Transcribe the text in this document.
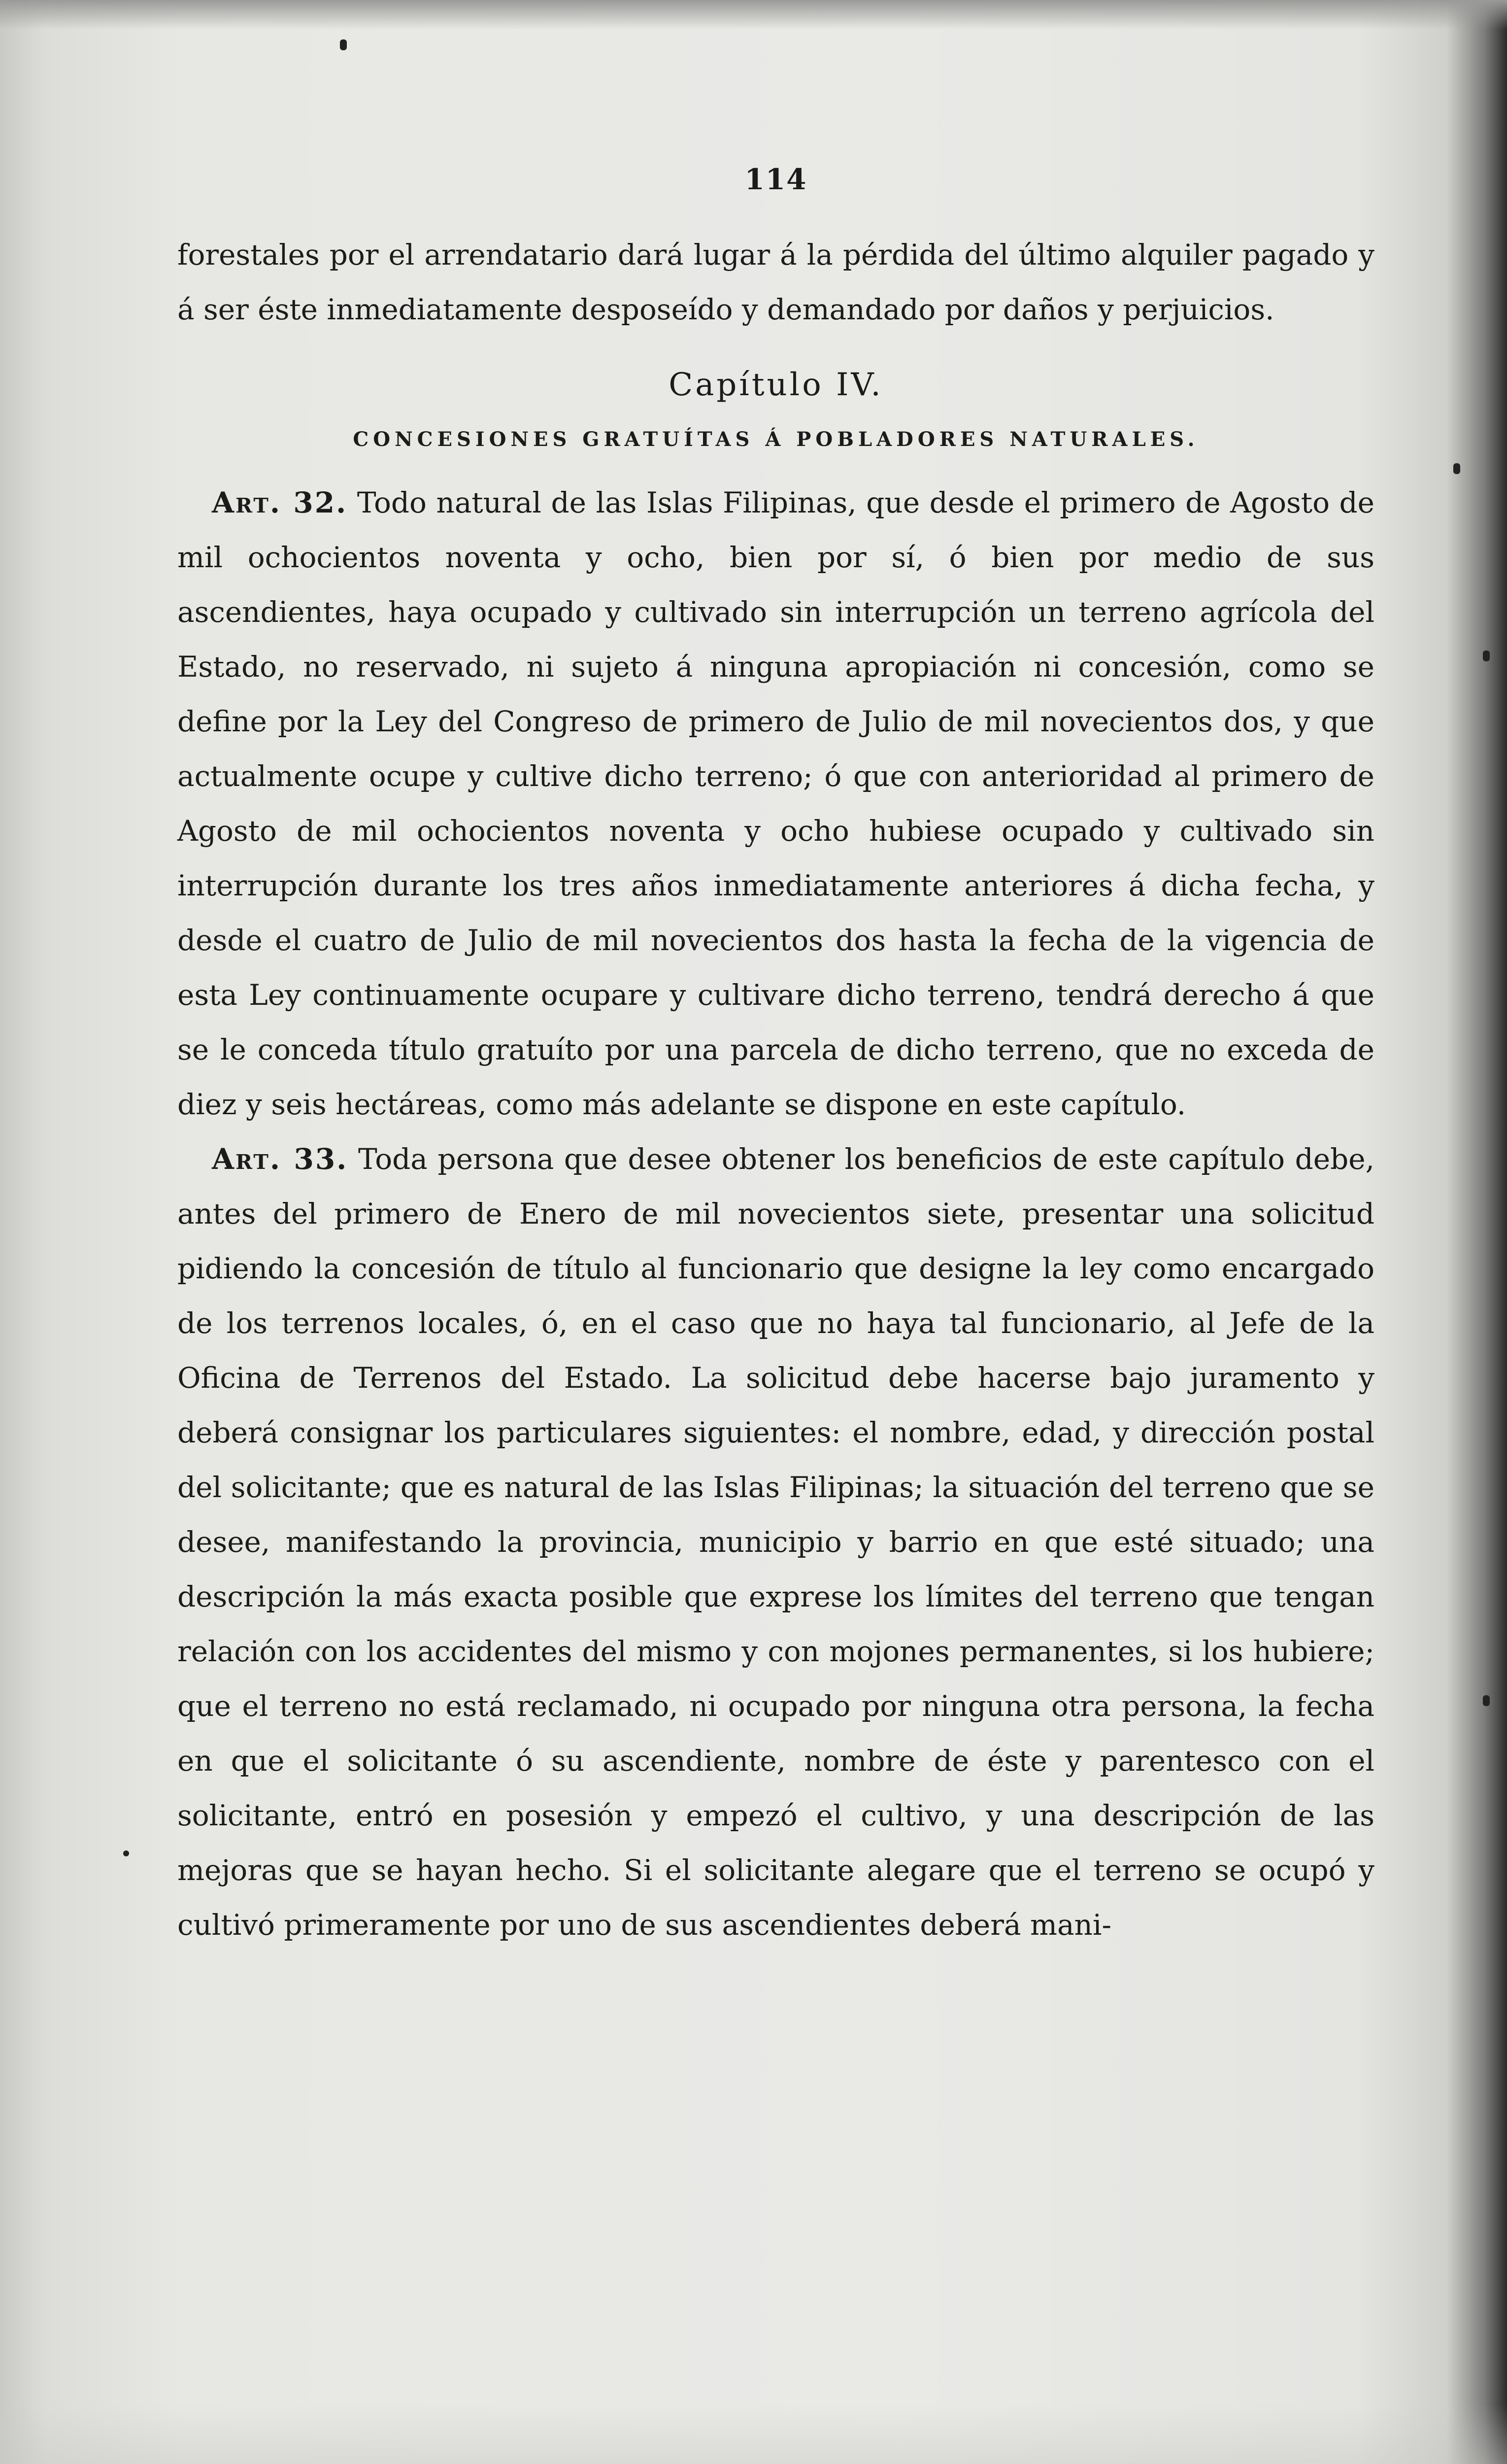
114

forestales por el arrendatario dará lugar á la pérdida del último alquiler pagado y á ser éste inmediatamente desposeído y demandado por daños y perjuicios.

Capítulo IV.
CONCESIONES GRATUÍTAS Á POBLADORES NATURALES.

Art. 32. Todo natural de las Islas Filipinas, que desde el primero de Agosto de mil ochocientos noventa y ocho, bien por sí, ó bien por medio de sus ascendientes, haya ocupado y cultivado sin interrupción un terreno agrícola del Estado, no reservado, ni sujeto á ninguna apropiación ni concesión, como se define por la Ley del Congreso de primero de Julio de mil novecientos dos, y que actualmente ocupe y cultive dicho terreno; ó que con anterioridad al primero de Agosto de mil ochocientos noventa y ocho hubiese ocupado y cultivado sin interrupción durante los tres años inmediatamente anteriores á dicha fecha, y desde el cuatro de Julio de mil novecientos dos hasta la fecha de la vigencia de esta Ley continuamente ocupare y cultivare dicho terreno, tendrá derecho á que se le conceda título gratuíto por una parcela de dicho terreno, que no exceda de diez y seis hectáreas, como más adelante se dispone en este capítulo.

Art. 33. Toda persona que desee obtener los beneficios de este capítulo debe, antes del primero de Enero de mil novecientos siete, presentar una solicitud pidiendo la concesión de título al funcionario que designe la ley como encargado de los terrenos locales, ó, en el caso que no haya tal funcionario, al Jefe de la Oficina de Terrenos del Estado. La solicitud debe hacerse bajo juramento y deberá consignar los particulares siguientes: el nombre, edad, y dirección postal del solicitante; que es natural de las Islas Filipinas; la situación del terreno que se desee, manifestando la provincia, municipio y barrio en que esté situado; una descripción la más exacta posible que exprese los límites del terreno que tengan relación con los accidentes del mismo y con mojones permanentes, si los hubiere; que el terreno no está reclamado, ni ocupado por ninguna otra persona, la fecha en que el solicitante ó su ascendiente, nombre de éste y parentesco con el solicitante, entró en posesión y empezó el cultivo, y una descripción de las mejoras que se hayan hecho. Si el solicitante alegare que el terreno se ocupó y cultivó primeramente por uno de sus ascendientes deberá mani-
